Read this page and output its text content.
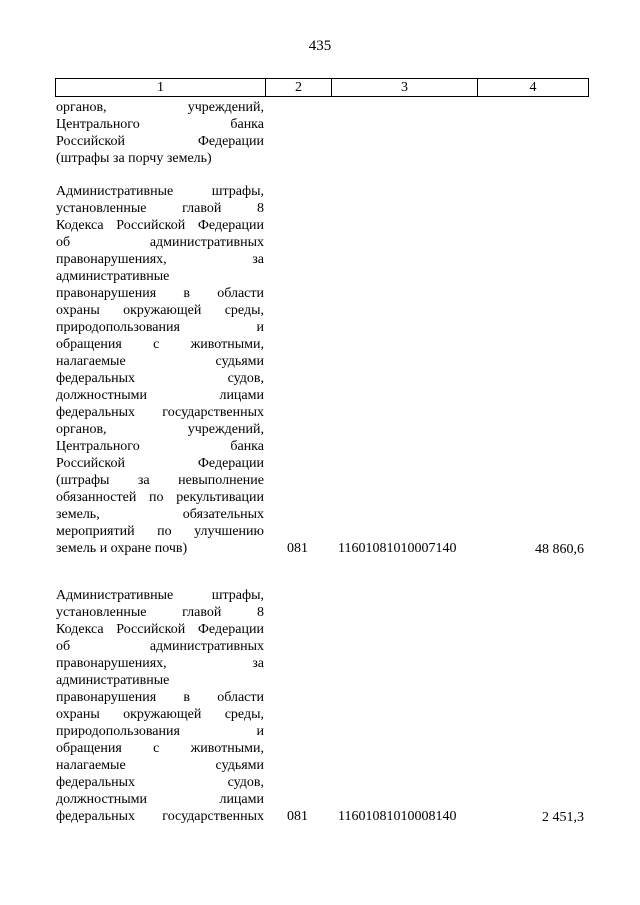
435
1	2	3	4
органов, учреждений,
Центрального банка
Российской Федерации
(штрафы за порчу земель)
Административные штрафы,
установленные главой 8
Кодекса Российской Федерации
об административных
правонарушениях, за
административные
правонарушения в области
охраны окружающей среды,
природопользования и
обращения с животными,
налагаемые судьями
федеральных судов,
должностными лицами
федеральных государственных
органов, учреждений,
Центрального банка
Российской Федерации
(штрафы за невыполнение
обязанностей по рекультивации
земель, обязательных
мероприятий по улучшению
земель и охране почв)	081 11601081010007140	48 860,6
Административные штрафы,
установленные главой 8
Кодекса Российской Федерации
об административных
правонарушениях, за
административные
правонарушения в области
охраны окружающей среды,
природопользования и
обращения с животными,
налагаемые судьями
федеральных судов,
должностными лицами
федеральных государственных 081 11601081010008140	2 451,3
